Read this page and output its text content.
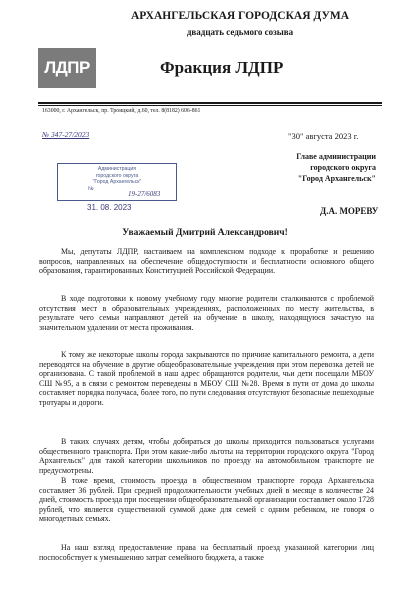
ЛДПР
АРХАНГЕЛЬСКАЯ ГОРОДСКАЯ ДУМА
двадцать седьмого созыва
Фракция ЛДПР
163000, г. Архангельск, пр. Троицкий, д.60, тел. 8(8182) 606-861
№ 347-27/2023	"30" августа 2023 г.
Главе администрации
городского округа
"Город Архангельск"
Администрация
городского округа
"Город Архангельск"
№
19-27/6083
31. 08. 2023	Д.А. МОРЕВУ
Уважаемый Дмитрий Александрович!
Мы, депутаты ЛДПР, настаиваем на комплексном подходе к проработке и решению вопросов, направленных на обеспечение общедоступности и бесплатности основного общего образования, гарантированных Конституцией Российской Федерации.
В ходе подготовки к новому учебному году многие родители сталкиваются с проблемой отсутствия мест в образовательных учреждениях, расположенных по месту жительства, в результате чего семьи направляют детей на обучение в школу, находящуюся зачастую на значительном удалении от места проживания.
К тому же некоторые школы города закрываются по причине капитального ремонта, а дети переводятся на обучение в другие общеобразовательные учреждения при этом перевозка детей не организована. С такой проблемой в наш адрес обращаются родители, чьи дети посещали МБОУ СШ №95, а в связи с ремонтом переведены в МБОУ СШ №28. Время в пути от дома до школы составляет порядка получаса, более того, по пути следования отсутствуют безопасные пешеходные тротуары и дороги.
В таких случаях детям, чтобы добираться до школы приходится пользоваться услугами общественного транспорта. При этом какие-либо льготы на территории городского округа "Город Архангельск" для такой категории школьников по проезду на автомобильном транспорте не предусмотрены.
В тоже время, стоимость проезда в общественном транспорте города Архангельска составляет 36 рублей. При средней продолжительности учебных дней в месяце в количестве 24 дней, стоимость проезда при посещении общеобразовательной организации составляет около 1728 рублей, что является существенной суммой даже для семей с одним ребенком, не говоря о многодетных семьях.
На наш взгляд предоставление права на бесплатный проезд указанной категории лиц поспособствует к уменьшению затрат семейного бюджета, а также
